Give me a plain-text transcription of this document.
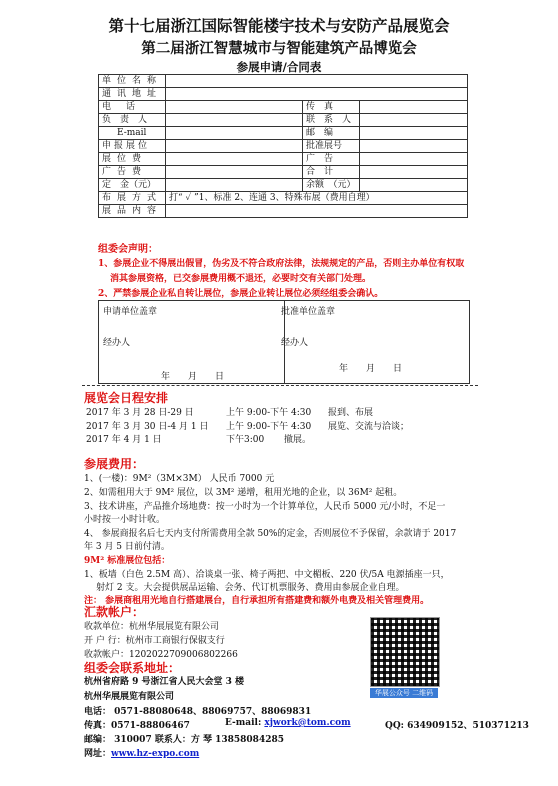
第十七届浙江国际智能楼宇技术与安防产品展览会
第二届浙江智慧城市与智能建筑产品博览会
参展申请/合同表
单位名称			
通讯地址			
电　话		传　真	
负　责　人		联　系　人	
E-mail		邮　编	
申报展位		批准展号	
展位费		广　告	
广告费		合　计	
定　金（元）		余额　（元）	
布展方式	打“ ✓ ”1、标准 2、连通 3、特殊布展（费用自理）		
展品内容			
组委会声明：
1、参展企业不得展出假冒，伪劣及不符合政府法律，法规规定的产品，否则主办单位有权取消其参展资格，已交参展费用概不退还，必要时交有关部门处理。
2、严禁参展企业私自转让展位，参展企业转让展位必须经组委会确认。
申请单位盖章
经办人
年　　月　　日
批准单位盖章
经办人
年　　月　　日
展览会日程安排
2017 年 3 月 28 日-29 日	上午 9:00-下午 4:30 报到、布展
2017 年 3 月 30 日-4 月 1 日 上午 9:00-下午 4:30 展览、交流与洽谈；
2017 年 4 月 1 日	下午3:00 撤展。
参展费用：
1、(一楼)：9M²（3M×3M） 人民币 7000 元
2、如需租用大于 9M² 展位，以 3M² 递增，租用光地的企业，以 36M² 起租。
3、技术讲座，产品推介场地费：按一小时为一个计算单位，人民币 5000 元/小时，不足一
小时按一小时计收。
4、 参展商报名后七天内支付所需费用全款 50%的定金，否则展位不予保留，余款请于 2017
年 3 月 5 日前付清。
9M² 标准展位包括：
1、板墙（白色 2.5M 高）、洽谈桌一张、椅子两把、中文楣板、220 伏/5A 电源插座一只，
射灯 2 支。大会提供展品运输、会务、代订机票服务、费用由参展企业自理。
注： 参展商租用光地自行搭建展台，自行承担所有搭建费和额外电费及相关管理费用。
汇款帐户：
收款单位：杭州华展展览有限公司
开 户 行：杭州市工商银行保俶支行
收款帐户：1202022709006802266
华展公众号 二维码
组委会联系地址：
杭州省府路 9 号浙江省人民大会堂 3 楼
杭州华展展览有限公司
电话： 0571-88080648、88069757、88069831
传真：0571-88806467	E-mail: xjwork@tom.com	QQ: 634909152、510371213
邮编： 310007 联系人：方 琴 13858084285
网址：www.hz-expo.com
